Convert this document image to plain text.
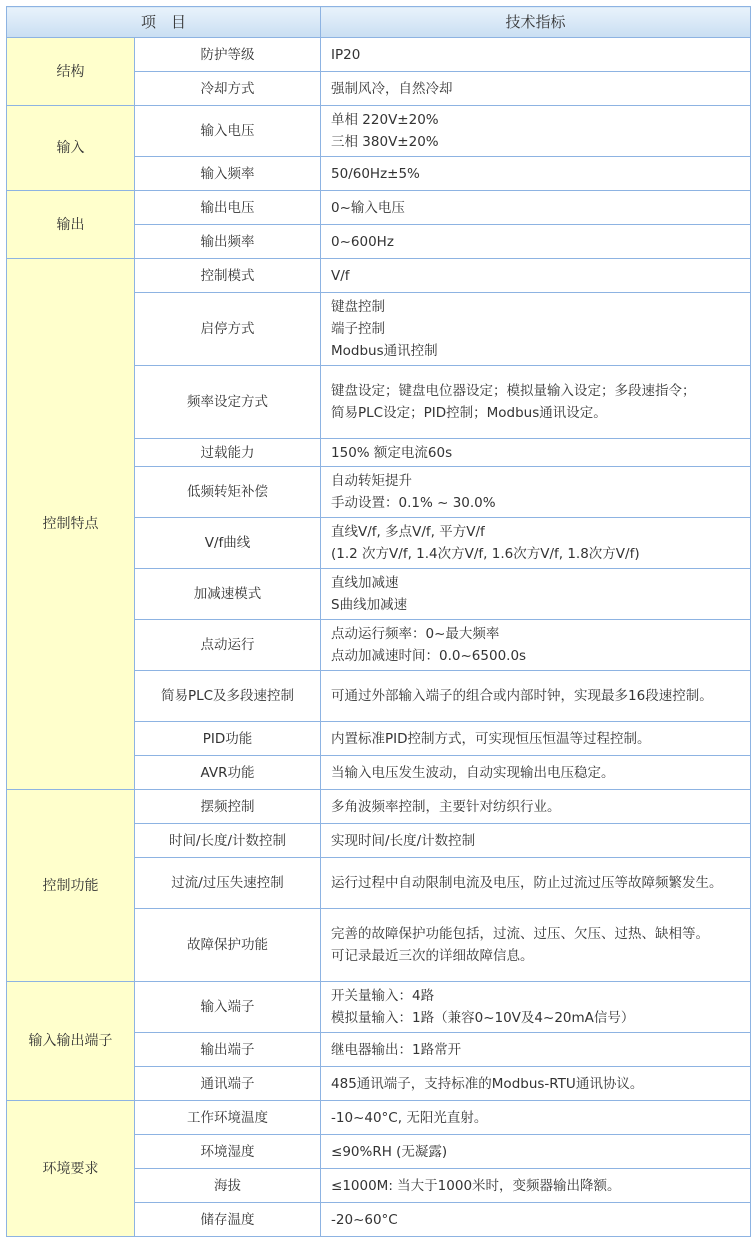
项　目		技术指标
结构	防护等级	IP20

	冷却方式	强制风冷，自然冷却

输入	输入电压	单相 220V±20%
三相 380V±20%

	输入频率	50/60Hz±5%

输出	输出电压	0~输入电压

	输出频率	0~600Hz

控制特点	控制模式	V/f

	启停方式	键盘控制
端子控制
Modbus通讯控制

	频率设定方式	键盘设定；键盘电位器设定；模拟量输入设定；多段速指令；
简易PLC设定；PID控制；Modbus通讯设定。

	过载能力	150% 额定电流60s

	低频转矩补偿	自动转矩提升
手动设置：0.1% ~ 30.0%

	V/f曲线	直线V/f, 多点V/f, 平方V/f
(1.2 次方V/f, 1.4次方V/f, 1.6次方V/f, 1.8次方V/f)

	加减速模式	直线加减速
S曲线加减速

	点动运行	点动运行频率：0~最大频率
点动加减速时间：0.0~6500.0s

	简易PLC及多段速控制	可通过外部输入端子的组合或内部时钟，实现最多16段速控制。

	PID功能	内置标准PID控制方式，可实现恒压恒温等过程控制。

	AVR功能	当输入电压发生波动，自动实现输出电压稳定。

控制功能	摆频控制	多角波频率控制，主要针对纺织行业。

	时间/长度/计数控制	实现时间/长度/计数控制

	过流/过压失速控制	运行过程中自动限制电流及电压，防止过流过压等故障频繁发生。

	故障保护功能	完善的故障保护功能包括，过流、过压、欠压、过热、缺相等。
可记录最近三次的详细故障信息。

输入输出端子	输入端子	开关量输入：4路
模拟量输入：1路（兼容0~10V及4~20mA信号）

	输出端子	继电器输出：1路常开

	通讯端子	485通讯端子，支持标准的Modbus-RTU通讯协议。

环境要求	工作环境温度	-10~40°C, 无阳光直射。

	环境湿度	≤90%RH (无凝露)

	海拔	≤1000M: 当大于1000米时，变频器输出降额。

	储存温度	-20~60°C
